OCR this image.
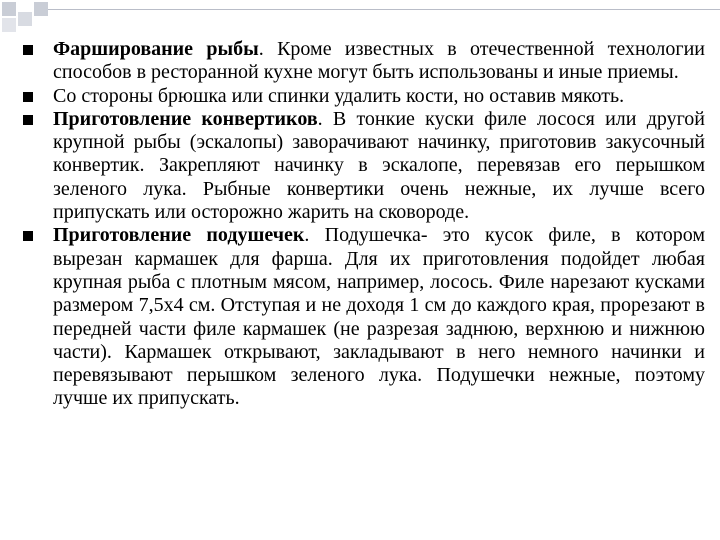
Фарширование рыбы. Кроме известных в отечественной технологии способов в ресторанной кухне могут быть использованы и иные приемы.
Со стороны брюшка или спинки удалить кости, но оставив мякоть.
Приготовление конвертиков. В тонкие куски филе лосося или другой крупной рыбы (эскалопы) заворачивают начинку, приготовив закусочный конвертик. Закрепляют начинку в эскалопе, перевязав его перышком зеленого лука. Рыбные конвертики очень нежные, их лучше всего припускать или осторожно жарить на сковороде.
Приготовление подушечек. Подушечка- это кусок филе, в котором вырезан кармашек для фарша. Для их приготовления подойдет любая крупная рыба с плотным мясом, например, лосось. Филе нарезают кусками размером 7,5х4 см. Отступая и не доходя 1 см до каждого края, прорезают в передней части филе кармашек (не разрезая заднюю, верхнюю и нижнюю части). Кармашек открывают, закладывают в него немного начинки и перевязывают перышком зеленого лука. Подушечки нежные, поэтому лучше их припускать.
